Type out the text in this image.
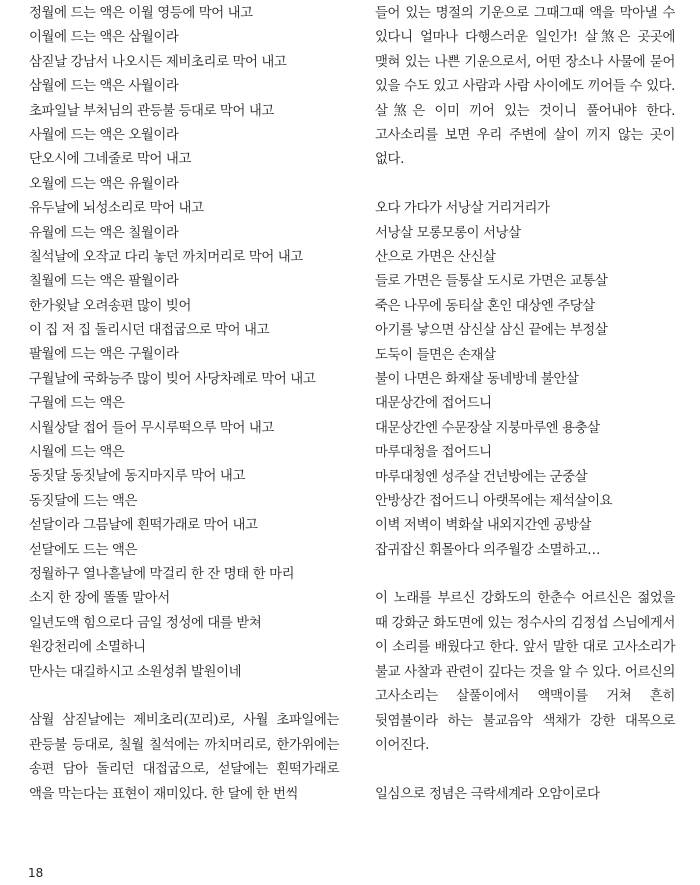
정월에 드는 액은 이월 영등에 막어 내고
이월에 드는 액은 삼월이라
삼짇날 강남서 나오시든 제비초리로 막어 내고
삼월에 드는 액은 사월이라
초파일날 부처님의 관등불 등대로 막어 내고
사월에 드는 액은 오월이라
단오시에 그네줄로 막어 내고
오월에 드는 액은 유월이라
유두날에 뇌성소리로 막어 내고
유월에 드는 액은 칠월이라
칠석날에 오작교 다리 놓던 까치머리로 막어 내고
칠월에 드는 액은 팔월이라
한가윗날 오려송편 많이 빚어
이 집 저 집 돌리시던 대접굽으로 막어 내고
팔월에 드는 액은 구월이라
구월날에 국화능주 많이 빚어 사당차례로 막어 내고
구월에 드는 액은
시월상달 접어 들어 무시루떡으루 막어 내고
시월에 드는 액은
동짓달 동짓날에 동지마지루 막어 내고
동짓달에 드는 액은
섣달이라 그믐날에 흰떡가래로 막어 내고
섣달에도 드는 액은
정월하구 열나흗날에 막걸리 한 잔 명태 한 마리
소지 한 장에 똘똘 말아서
일년도액 힘으로다 금일 정성에 대를 받쳐
원강천리에 소멸하니
만사는 대길하시고 소원성취 발원이네

삼월 삼짇날에는 제비초리(꼬리)로, 사월 초파일에는 관등불 등대로, 칠월 칠석에는 까치머리로, 한가위에는 송편 담아 돌리던 대접굽으로, 섣달에는 흰떡가래로 액을 막는다는 표현이 재미있다. 한 달에 한 번씩

들어 있는 명절의 기운으로 그때그때 액을 막아낼 수 있다니 얼마나 다행스러운 일인가! 살煞은 곳곳에 맺혀 있는 나쁜 기운으로서, 어떤 장소나 사물에 묻어 있을 수도 있고 사람과 사람 사이에도 끼어들 수 있다. 살煞은 이미 끼어 있는 것이니 풀어내야 한다. 고사소리를 보면 우리 주변에 살이 끼지 않는 곳이 없다.

오다 가다가 서낭살 거리거리가
서낭살 모롱모롱이 서낭살
산으로 가면은 산신살
들로 가면은 들통살 도시로 가면은 교통살
죽은 나무에 동티살 혼인 대상엔 주당살
아기를 낳으면 삼신살 삼신 끝에는 부정살
도둑이 들면은 손재살
불이 나면은 화재살 동네방네 불안살
대문상간에 접어드니
대문상간엔 수문장살 지붕마루엔 용충살
마루대청을 접어드니
마루대청엔 성주살 건넌방에는 군중살
안방상간 접어드니 아랫목에는 제석살이요
이벽 저벽이 벽화살 내외지간엔 공방살
잡귀잡신 휘몰아다 의주월강 소멸하고…

이 노래를 부르신 강화도의 한춘수 어르신은 젊었을 때 강화군 화도면에 있는 정수사의 김정섭 스님에게서 이 소리를 배웠다고 한다. 앞서 말한 대로 고사소리가 불교 사찰과 관련이 깊다는 것을 알 수 있다. 어르신의 고사소리는 살풀이에서 액맥이를 거쳐 흔히 뒷염불이라 하는 불교음악 색채가 강한 대목으로 이어진다.

일심으로 정념은 극락세계라 오암이로다
18
